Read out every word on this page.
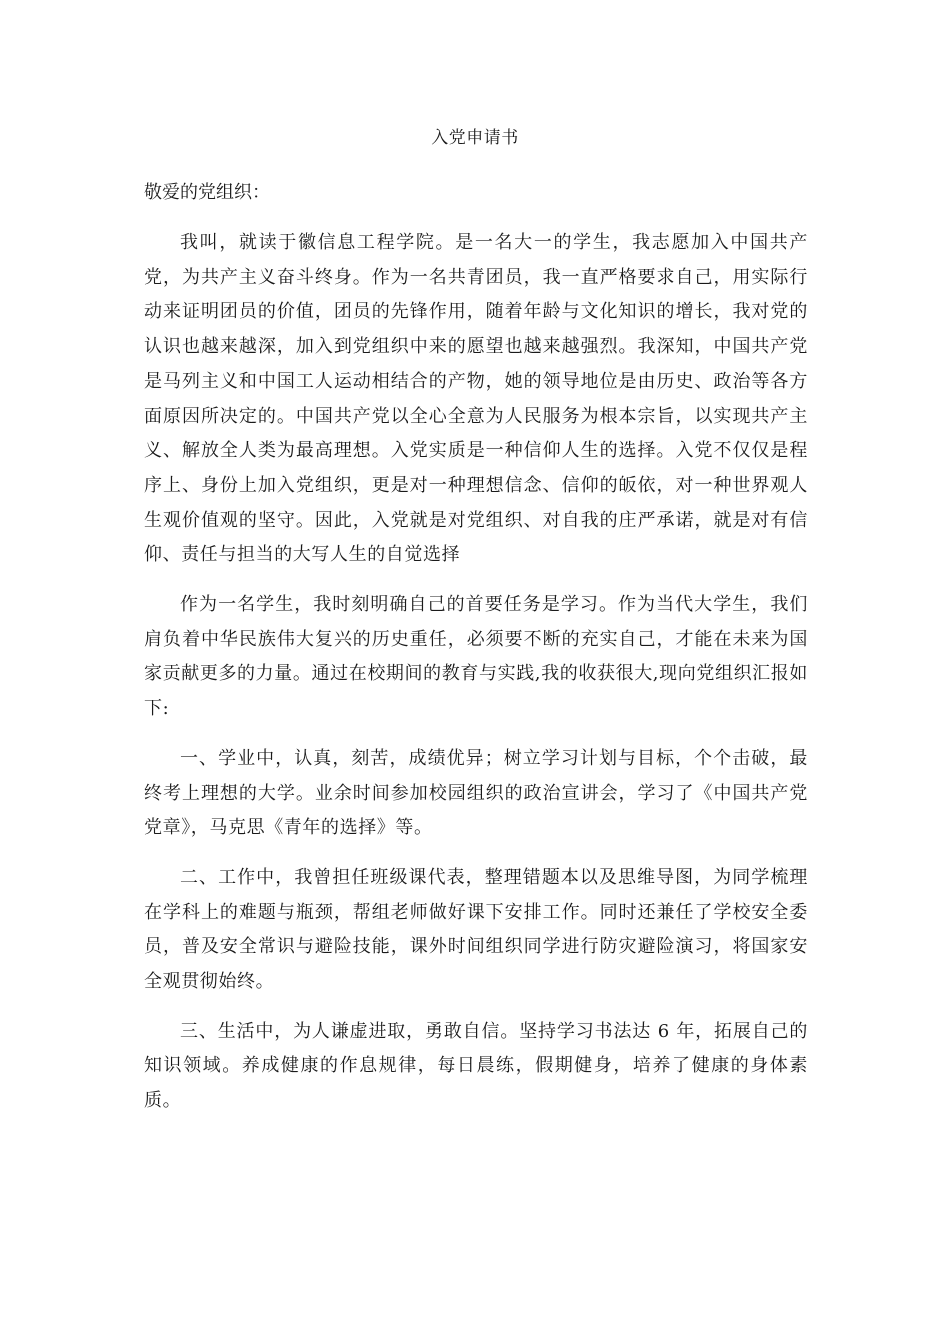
入党申请书
敬爱的党组织：

我叫，就读于徽信息工程学院。是一名大一的学生，我志愿加入中国共产党，为共产主义奋斗终身。作为一名共青团员，我一直严格要求自己，用实际行动来证明团员的价值，团员的先锋作用，随着年龄与文化知识的增长，我对党的认识也越来越深，加入到党组织中来的愿望也越来越强烈。我深知，中国共产党是马列主义和中国工人运动相结合的产物，她的领导地位是由历史、政治等各方面原因所决定的。中国共产党以全心全意为人民服务为根本宗旨，以实现共产主义、解放全人类为最高理想。入党实质是一种信仰人生的选择。入党不仅仅是程序上、身份上加入党组织，更是对一种理想信念、信仰的皈依，对一种世界观人生观价值观的坚守。因此，入党就是对党组织、对自我的庄严承诺，就是对有信仰、责任与担当的大写人生的自觉选择

作为一名学生，我时刻明确自己的首要任务是学习。作为当代大学生，我们肩负着中华民族伟大复兴的历史重任，必须要不断的充实自己，才能在未来为国家贡献更多的力量。通过在校期间的教育与实践,我的收获很大,现向党组织汇报如下:

一、学业中，认真，刻苦，成绩优异；树立学习计划与目标，个个击破，最终考上理想的大学。业余时间参加校园组织的政治宣讲会，学习了《中国共产党党章》，马克思《青年的选择》等。

二、工作中，我曾担任班级课代表，整理错题本以及思维导图，为同学梳理在学科上的难题与瓶颈，帮组老师做好课下安排工作。同时还兼任了学校安全委员，普及安全常识与避险技能，课外时间组织同学进行防灾避险演习，将国家安全观贯彻始终。

三、生活中，为人谦虚进取，勇敢自信。坚持学习书法达 6 年，拓展自己的知识领域。养成健康的作息规律，每日晨练，假期健身，培养了健康的身体素质。
